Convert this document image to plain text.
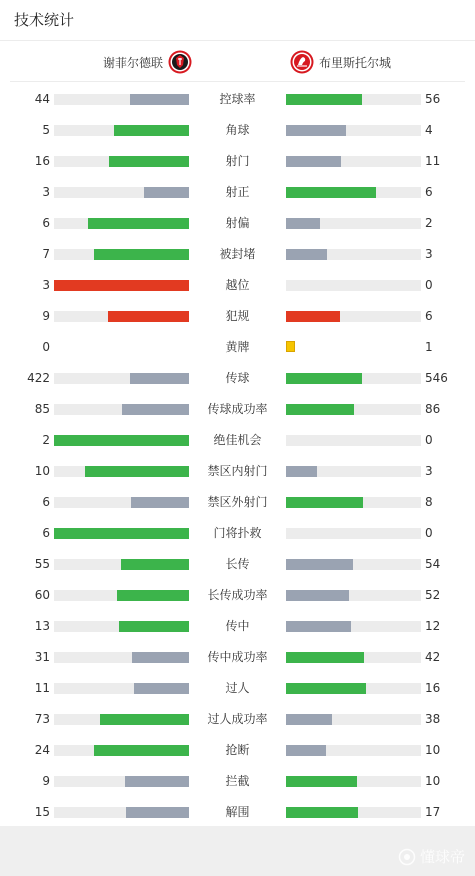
技术统计
谢菲尔德联	布里斯托尔城
44	控球率	56
5	角球	4
16	射门	11
3	射正	6
6	射偏	2
7	被封堵	3
3	越位	0
9	犯规	6
0	黄牌	1
422	传球	546
85	传球成功率	86
2	绝佳机会	0
10	禁区内射门	3
6	禁区外射门	8
6	门将扑救	0
55	长传	54
60	长传成功率	52
13	传中	12
31	传中成功率	42
11	过人	16
73	过人成功率	38
24	抢断	10
9	拦截	10
15	解围	17
懂球帝
